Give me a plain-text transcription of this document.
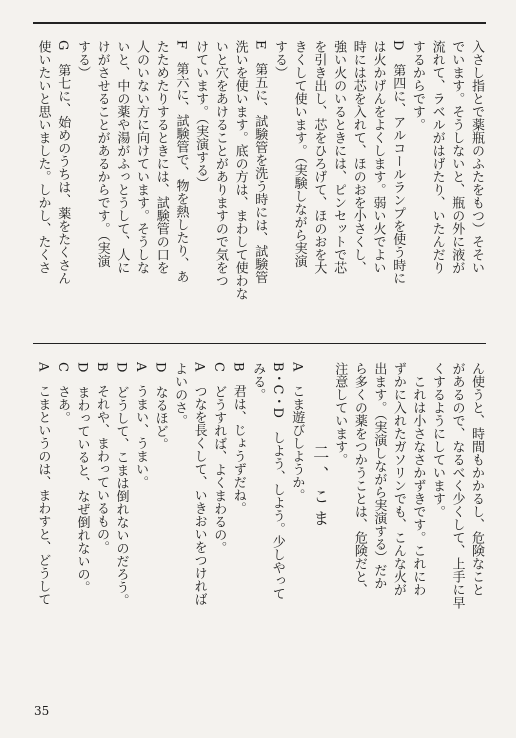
入さし指とで薬瓶のふたをもつ）そそい
でいます。そうしないと、瓶の外に液が
流れて、ラベルがはげたり、いたんだり
するからです。
D　第四に、アルコールランプを使う時に
は火かげんをよくします。弱い火でよい
時には芯を入れて、ほのおを小さくし、
強い火のいるときには、ピンセットで芯
を引き出し、芯をひろげて、ほのおを大
きくして使います。（実験しながら実演
する）
E　第五に、試験管を洗う時には、試験管
洗いを使います。底の方は、まわして使わな
いと穴をあけることがありますので気をつ
けています。（実演する）
F　第六に、試験管で、物を熱したり、あ
たためたりするときには、試験管の口を
人のいない方に向けています。そうしな
いと、中の薬や湯がふっとうして、人に
けがさせることがあるからです。（実演
する）
G　第七に、始めのうちは、薬をたくさん
使いたいと思いました。しかし、たくさ
ん使うと、時間もかかるし、危険なこと
があるので、なるべく少くして、上手に早
くするようにしています。
　これは小さなさかずきです。これにわ
ずかに入れたガソリンでも、こんな火が
出ます。（実演しながら実演する）だか
ら多くの薬をつかうことは、危険だと、
注意しています。
二、こま
A　こま遊びしようか。
B・C・D　しよう、しよう。少しやって
みる。
B　君は、じょうずだね。
C　どうすれば、よくまわるの。
A　つなを長くして、いきおいをつければ
よいのさ。
D　なるほど。
A　うまい、うまい。
D　どうして、こまは倒れないのだろう。
B　それや、まわっているもの。
D　まわっていると、なぜ倒れないの。
C　さあ。
A　こまというのは、まわすと、どうして
35
